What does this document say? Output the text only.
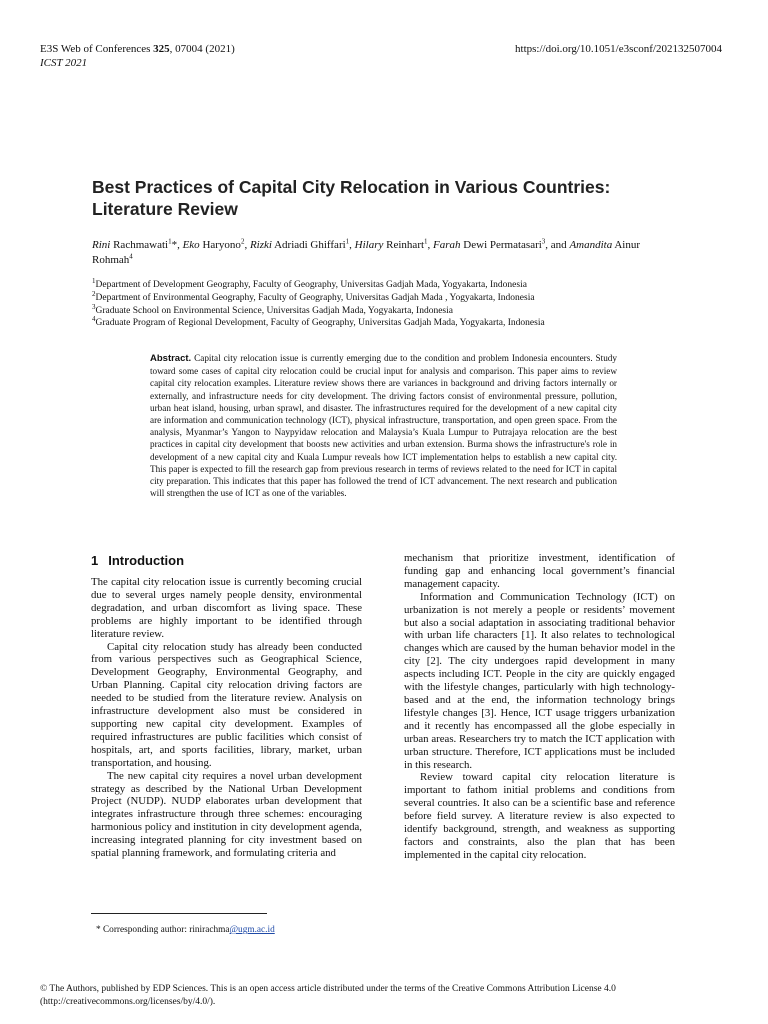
E3S Web of Conferences 325, 07004 (2021)
ICST 2021
https://doi.org/10.1051/e3sconf/202132507004
Best Practices of Capital City Relocation in Various Countries: Literature Review
Rini Rachmawati$^1$*, Eko Haryono$^2$, Rizki Adriadi Ghiffari$^1$, Hilary Reinhart$^1$, Farah Dewi Permatasari$^3$, and Amandita Ainur Rohmah$^4$
$^1$Department of Development Geography, Faculty of Geography, Universitas Gadjah Mada, Yogyakarta, Indonesia
$^2$Department of Environmental Geography, Faculty of Geography, Universitas Gadjah Mada , Yogyakarta, Indonesia
$^3$Graduate School on Environmental Science, Universitas Gadjah Mada, Yogyakarta, Indonesia
$^4$Graduate Program of Regional Development, Faculty of Geography, Universitas Gadjah Mada, Yogyakarta, Indonesia
Abstract. Capital city relocation issue is currently emerging due to the condition and problem Indonesia encounters. Study toward some cases of capital city relocation could be crucial input for analysis and comparison. This paper aims to review capital city relocation examples. Literature review shows there are variances in background and driving factors internally or externally, and infrastructure needs for city development. The driving factors consist of environmental pressure, pollution, urban heat island, housing, urban sprawl, and disaster. The infrastructures required for the development of a new capital city are information and communication technology (ICT), physical infrastructure, transportation, and open green space. From the analysis, Myanmar’s Yangon to Naypyidaw relocation and Malaysia’s Kuala Lumpur to Putrajaya relocation are the best practices in capital city development that boosts new activities and urban extension. Burma shows the infrastructure's role in development of a new capital city and Kuala Lumpur reveals how ICT implementation helps to establish a new capital city. This paper is expected to fill the research gap from previous research in terms of reviews related to the need for ICT in capital city preparation. This indicates that this paper has followed the trend of ICT advancement. The next research and publication will strengthen the use of ICT as one of the variables.
1 Introduction

The capital city relocation issue is currently becoming crucial due to several urges namely people density, environmental degradation, and urban discomfort as living space. These problems are highly important to be identified through literature review.

Capital city relocation study has already been conducted from various perspectives such as Geographical Science, Development Geography, Environmental Geography, and Urban Planning. Capital city relocation driving factors are needed to be studied from the literature review. Analysis on infrastructure development also must be considered in supporting new capital city development. Examples of required infrastructures are public facilities which consist of hospitals, art, and sports facilities, library, market, urban transportation, and housing.

The new capital city requires a novel urban development strategy as described by the National Urban Development Project (NUDP). NUDP elaborates urban development that integrates infrastructure through three schemes: encouraging harmonious policy and institution in city development agenda, increasing integrated planning for city investment based on spatial planning framework, and formulating criteria and

mechanism that prioritize investment, identification of funding gap and enhancing local government’s financial management capacity.

Information and Communication Technology (ICT) on urbanization is not merely a people or residents’ movement but also a social adaptation in associating traditional behavior with urban life characters [1]. It also relates to technological changes which are caused by the human behavior model in the city [2]. The city undergoes rapid development in many aspects including ICT. People in the city are quickly engaged with the lifestyle changes, particularly with high technology-based and at the end, the information technology brings lifestyle changes [3]. Hence, ICT usage triggers urbanization and it recently has encompassed all the globe especially in urban areas. Researchers try to match the ICT application with urban structure. Therefore, ICT applications must be included in this research.

Review toward capital city relocation literature is important to fathom initial problems and conditions from several countries. It also can be a scientific base and reference before field survey. A literature review is also expected to identify background, strength, and weakness as supporting factors and constraints, also the plan that has been implemented in the capital city relocation.

* Corresponding author: rinirachma@ugm.ac.id
© The Authors, published by EDP Sciences. This is an open access article distributed under the terms of the Creative Commons Attribution License 4.0
(http://creativecommons.org/licenses/by/4.0/).
